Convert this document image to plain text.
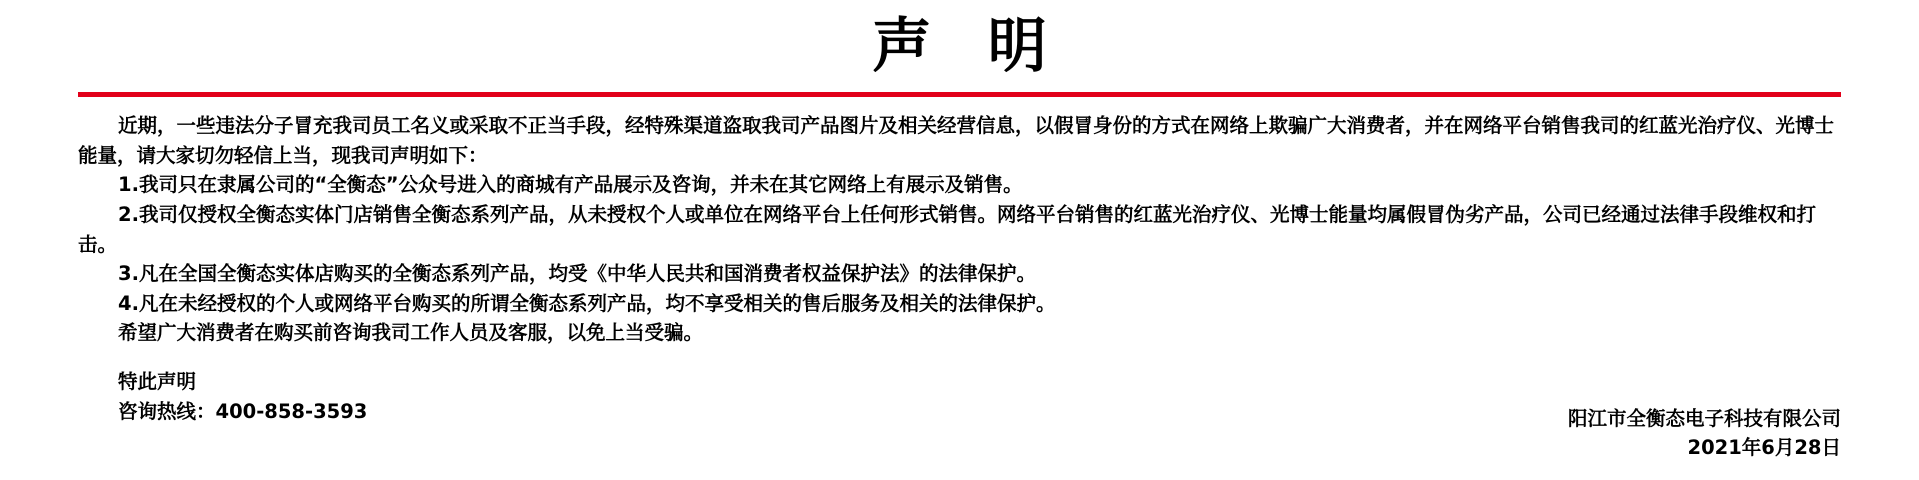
声 明

近期，一些违法分子冒充我司员工名义或采取不正当手段，经特殊渠道盗取我司产品图片及相关经营信息，以假冒身份的方式在网络上欺骗广大消费者，并在网络平台销售我司的红蓝光治疗仪、光博士能量，请大家切勿轻信上当，现我司声明如下：

1.我司只在隶属公司的“全衡态”公众号进入的商城有产品展示及咨询，并未在其它网络上有展示及销售。

2.我司仅授权全衡态实体门店销售全衡态系列产品，从未授权个人或单位在网络平台上任何形式销售。网络平台销售的红蓝光治疗仪、光博士能量均属假冒伪劣产品，公司已经通过法律手段维权和打击。

3.凡在全国全衡态实体店购买的全衡态系列产品，均受《中华人民共和国消费者权益保护法》的法律保护。

4.凡在未经授权的个人或网络平台购买的所谓全衡态系列产品，均不享受相关的售后服务及相关的法律保护。

希望广大消费者在购买前咨询我司工作人员及客服，以免上当受骗。

特此声明

咨询热线：400-858-3593	阳江市全衡态电子科技有限公司

2021年6月28日
